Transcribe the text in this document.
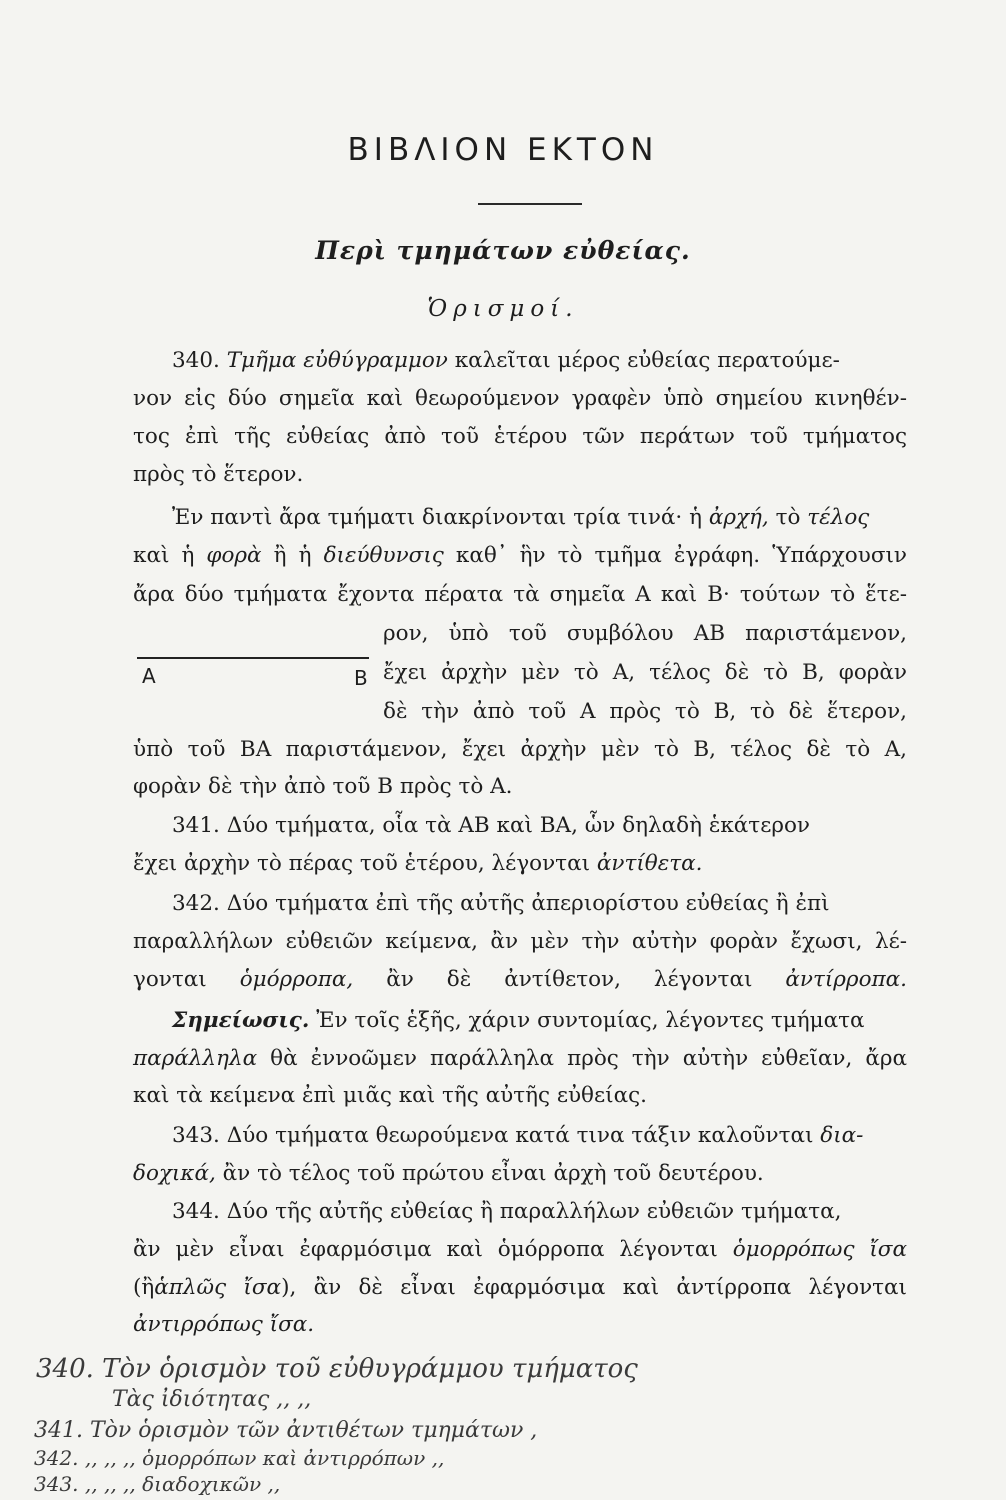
ΒΙΒΛΙΟΝ ΕΚΤΟΝ
Περὶ τμημάτων εὐθείας.
Ὁρισμοί.
340. Τμῆμα εὐθύγραμμον καλεῖται μέρος εὐθείας περατούμε-
νον εἰς δύο σημεῖα καὶ θεωρούμενον γραφὲν ὑπὸ σημείου κινηθέν-
τος ἐπὶ τῆς εὐθείας ἀπὸ τοῦ ἑτέρου τῶν περάτων τοῦ τμήματος
πρὸς τὸ ἕτερον.
Ἐν παντὶ ἄρα τμήματι διακρίνονται τρία τινά· ἡ ἀρχή, τὸ τέλος
καὶ ἡ φορὰ ἢ ἡ διεύθυνσις καθ᾽ ἣν τὸ τμῆμα ἐγράφη. Ὑπάρχουσιν
ἄρα δύο τμήματα ἔχοντα πέρατα τὰ σημεῖα A καὶ B· τούτων τὸ ἕτε-
ρον, ὑπὸ τοῦ συμβόλου AB παριστάμενον,
A	B ἔχει ἀρχὴν μὲν τὸ A, τέλος δὲ τὸ B, φορὰν
δὲ τὴν ἀπὸ τοῦ A πρὸς τὸ B, τὸ δὲ ἕτερον,
ὑπὸ τοῦ BA παριστάμενον, ἔχει ἀρχὴν μὲν τὸ B, τέλος δὲ τὸ A,
φορὰν δὲ τὴν ἀπὸ τοῦ B πρὸς τὸ A.
341. Δύο τμήματα, οἷα τὰ AB καὶ BA, ὧν δηλαδὴ ἑκάτερον
ἔχει ἀρχὴν τὸ πέρας τοῦ ἑτέρου, λέγονται ἀντίθετα.
342. Δύο τμήματα ἐπὶ τῆς αὐτῆς ἀπεριορίστου εὐθείας ἢ ἐπὶ
παραλλήλων εὐθειῶν κείμενα, ἂν μὲν τὴν αὐτὴν φορὰν ἔχωσι, λέ-
γονται ὁμόρροπα, ἂν δὲ ἀντίθετον, λέγονται ἀντίρροπα.
Σημείωσις. Ἐν τοῖς ἑξῆς, χάριν συντομίας, λέγοντες τμήματα
παράλληλα θὰ ἐννοῶμεν παράλληλα πρὸς τὴν αὐτὴν εὐθεῖαν, ἄρα
καὶ τὰ κείμενα ἐπὶ μιᾶς καὶ τῆς αὐτῆς εὐθείας.
343. Δύο τμήματα θεωρούμενα κατά τινα τάξιν καλοῦνται δια-
δοχικά, ἂν τὸ τέλος τοῦ πρώτου εἶναι ἀρχὴ τοῦ δευτέρου.
344. Δύο τῆς αὐτῆς εὐθείας ἢ παραλλήλων εὐθειῶν τμήματα,
ἂν μὲν εἶναι ἐφαρμόσιμα καὶ ὁμόρροπα λέγονται ὁμορρόπως ἴσα
(ἢἁπλῶς ἴσα), ἂν δὲ εἶναι ἐφαρμόσιμα καὶ ἀντίρροπα λέγονται
ἀντιρρόπως ἴσα.
340. Τὸν ὁρισμὸν τοῦ εὐθυγράμμου τμήματος
Τὰς ἰδιότητας ,, ,,
341. Τὸν ὁρισμὸν τῶν ἀντιθέτων τμημάτων ,
342. ,, ,, ,, ὁμορρόπων καὶ ἀντιρρόπων ,,
343. ,, ,, ,, διαδοχικῶν ,,
